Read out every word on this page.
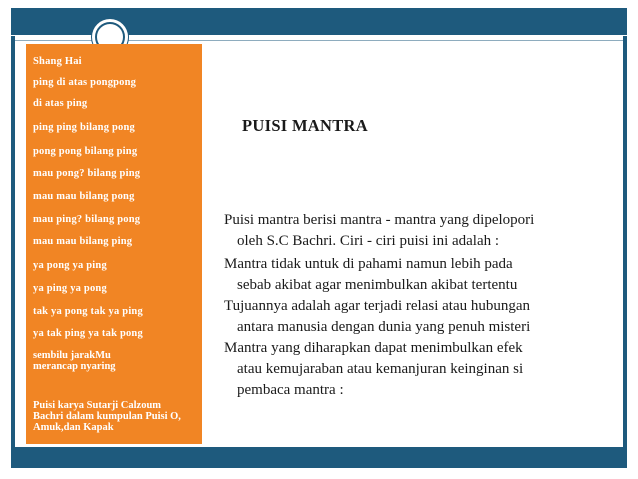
Shang Hai
ping di atas pongpong
di atas ping
ping ping bilang pong
pong pong bilang ping
mau pong? bilang ping
mau mau bilang pong
mau ping? bilang pong
mau mau bilang ping
ya pong ya ping
ya ping ya pong
tak ya pong tak ya ping
ya tak ping ya tak pong
sembilu jarakMu merancap nyaring
Puisi karya Sutarji Calzoum Bachri dalam kumpulan Puisi O, Amuk,dan Kapak
PUISI MANTRA
Puisi mantra berisi mantra - mantra yang dipelopori
oleh S.C Bachri. Ciri - ciri puisi ini adalah :
Mantra tidak untuk di pahami namun lebih pada
sebab akibat agar menimbulkan akibat tertentu
Tujuannya adalah agar terjadi relasi atau hubungan
antara manusia dengan dunia yang penuh misteri
Mantra yang diharapkan dapat menimbulkan efek
atau kemujaraban atau kemanjuran keinginan si
pembaca mantra :
